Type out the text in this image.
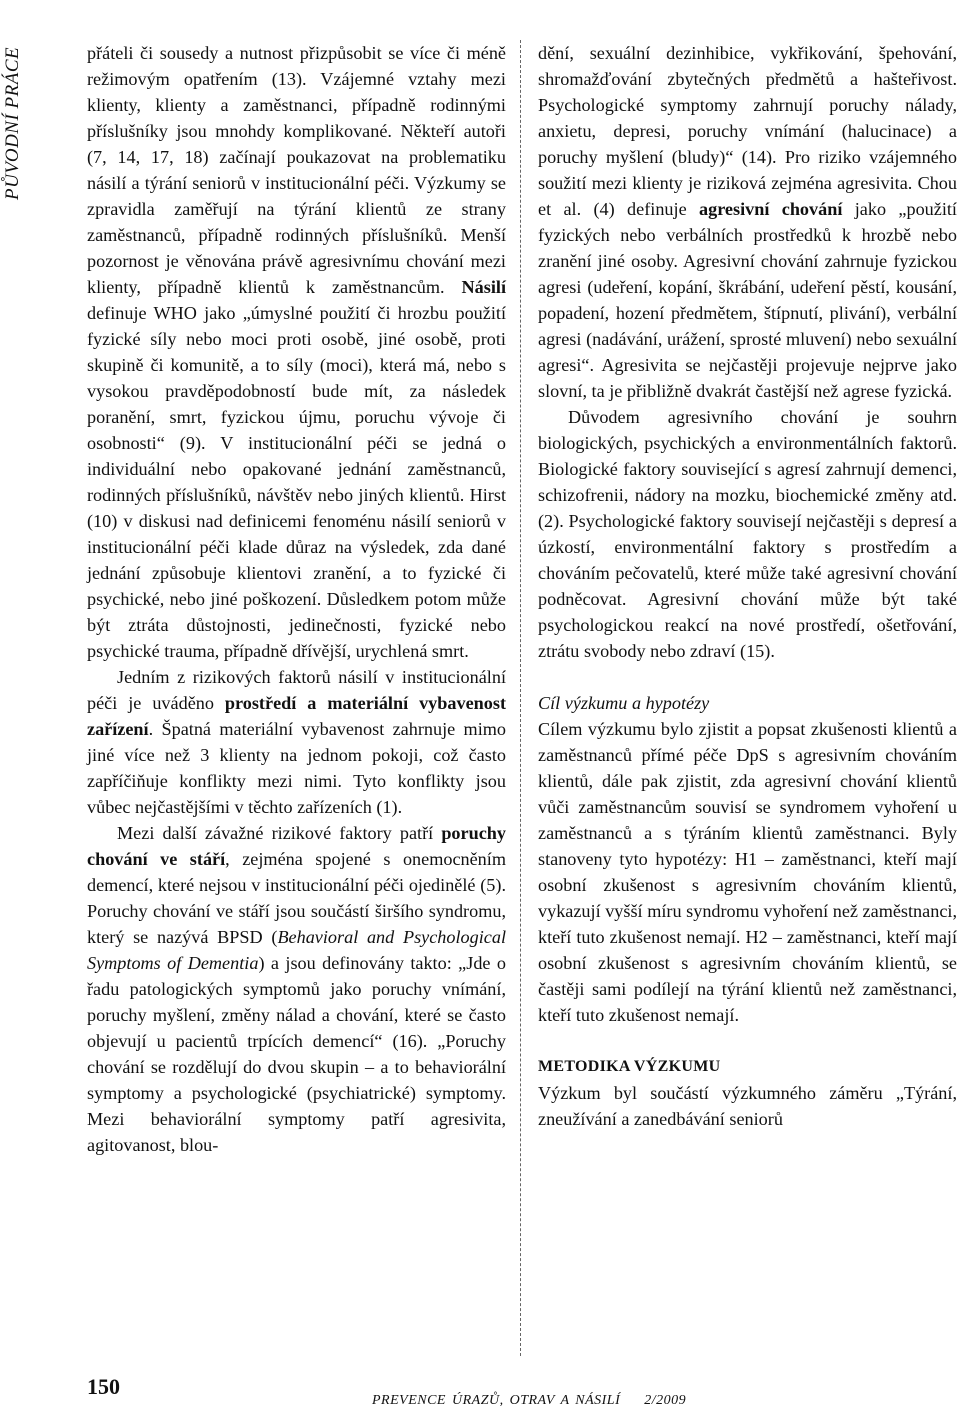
PŮVODNÍ PRÁCE	přáteli či sousedy a nutnost přizpůsobit se více či méně režimovým opatřením (13). Vzájemné vztahy mezi klienty, klienty a zaměstnanci, případně rodinnými příslušníky jsou mnohdy komplikované. Někteří autoři (7, 14, 17, 18) začínají poukazovat na problematiku násilí a týrání seniorů v institucionální péči. Výzkumy se zpravidla zaměřují na týrání klientů ze strany zaměstnanců, případně rodinných příslušníků. Menší pozornost je věnována právě agresivnímu chování mezi klienty, případně klientů k zaměstnancům. Násilí definuje WHO jako „úmyslné použití či hrozbu použití fyzické síly nebo moci proti osobě, jiné osobě, proti skupině či komunitě, a to síly (moci), která má, nebo s vysokou pravděpodobností bude mít, za následek poranění, smrt, fyzickou újmu, poruchu vývoje či osobnosti“ (9). V institucionální péči se jedná o individuální nebo opakované jednání zaměstnanců, rodinných příslušníků, návštěv nebo jiných klientů. Hirst (10) v diskusi nad definicemi fenoménu násilí seniorů v institucionální péči klade důraz na výsledek, zda dané jednání způsobuje klientovi zranění, a to fyzické či psychické, nebo jiné poškození. Důsledkem potom může být ztráta důstojnosti, jedinečnosti, fyzické nebo psychické trauma, případně dřívější, urychlená smrt.

Jedním z rizikových faktorů násilí v institucionální péči je uváděno prostředí a materiální vybavenost zařízení. Špatná materiální vybavenost zahrnuje mimo jiné více než 3 klienty na jednom pokoji, což často zapříčiňuje konflikty mezi nimi. Tyto konflikty jsou vůbec nejčastějšími v těchto zařízeních (1).

Mezi další závažné rizikové faktory patří poruchy chování ve stáří, zejména spojené s onemocněním demencí, které nejsou v institucionální péči ojedinělé (5). Poruchy chování ve stáří jsou součástí širšího syndromu, který se nazývá BPSD (Behavioral and Psychological Symptoms of Dementia) a jsou definovány takto: „Jde o řadu patologických symptomů jako poruchy vnímání, poruchy myšlení, změny nálad a chování, které se často objevují u pacientů trpících demencí“ (16). „Poruchy chování se rozdělují do dvou skupin – a to behaviorální symptomy a psychologické (psychiatrické) symptomy. Mezi behaviorální symptomy patří agresivita, agitovanost, blou-

dění, sexuální dezinhibice, vykřikování, špehování, shromažďování zbytečných předmětů a hašteřivost. Psychologické symptomy zahrnují poruchy nálady, anxietu, depresi, poruchy vnímání (halucinace) a poruchy myšlení (bludy)“ (14). Pro riziko vzájemného soužití mezi klienty je riziková zejména agresivita. Chou et al. (4) definuje agresivní chování jako „použití fyzických nebo verbálních prostředků k hrozbě nebo zranění jiné osoby. Agresivní chování zahrnuje fyzickou agresi (udeření, kopání, škrábání, udeření pěstí, kousání, popadení, hození předmětem, štípnutí, plivání), verbální agresi (nadávání, urážení, sprosté mluvení) nebo sexuální agresi“. Agresivita se nejčastěji projevuje nejprve jako slovní, ta je přibližně dvakrát častější než agrese fyzická.

Důvodem agresivního chování je souhrn biologických, psychických a environmentálních faktorů. Biologické faktory související s agresí zahrnují demenci, schizofrenii, nádory na mozku, biochemické změny atd. (2). Psychologické faktory souvisejí nejčastěji s depresí a úzkostí, environmentální faktory s prostředím a chováním pečovatelů, které může také agresivní chování podněcovat. Agresivní chování může být také psychologickou reakcí na nové prostředí, ošetřování, ztrátu svobody nebo zdraví (15).

Cíl výzkumu a hypotézy

Cílem výzkumu bylo zjistit a popsat zkušenosti klientů a zaměstnanců přímé péče DpS s agresivním chováním klientů, dále pak zjistit, zda agresivní chování klientů vůči zaměstnancům souvisí se syndromem vyhoření u zaměstnanců a s týráním klientů zaměstnanci. Byly stanoveny tyto hypotézy: H1 – zaměstnanci, kteří mají osobní zkušenost s agresivním chováním klientů, vykazují vyšší míru syndromu vyhoření než zaměstnanci, kteří tuto zkušenost nemají. H2 – zaměstnanci, kteří mají osobní zkušenost s agresivním chováním klientů, se častěji sami podílejí na týrání klientů než zaměstnanci, kteří tuto zkušenost nemají.

METODIKA VÝZKUMU

Výzkum byl součástí výzkumného záměru „Týrání, zneužívání a zanedbávání seniorů

150
PREVENCE ÚRAZŮ, OTRAV A NÁSILÍ 2/2009
